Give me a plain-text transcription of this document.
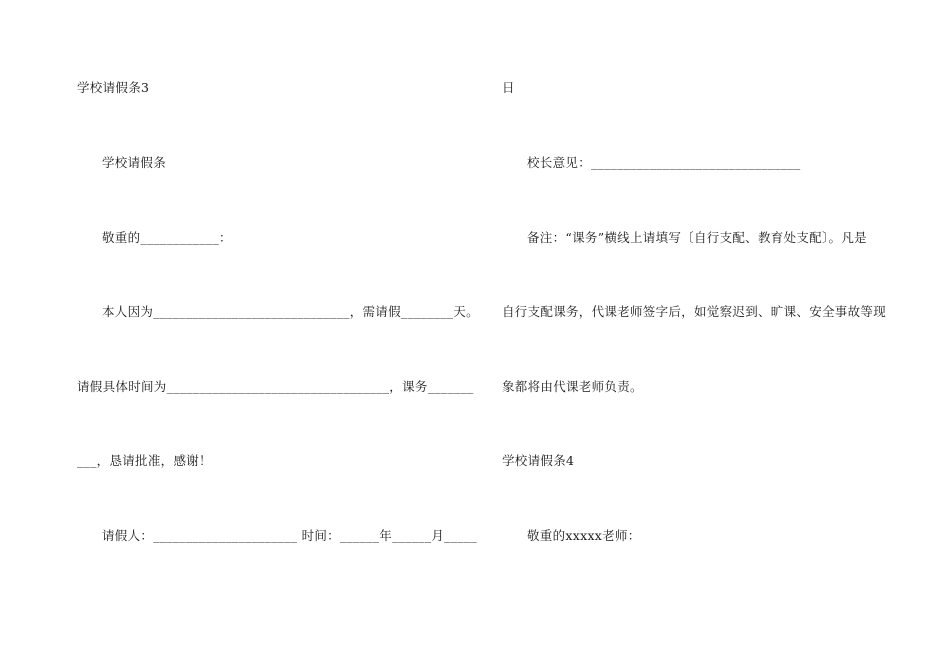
学校请假条3
学校请假条
敬重的____________：
本人因为______________________________，需请假________天。
请假具体时间为__________________________________，课务_______
___，恳请批准，感谢！
请假人：______________________ 时间：______年______月_____
日
校长意见：________________________________
备注：“课务”横线上请填写〔自行支配、教育处支配〕。凡是
自行支配课务，代课老师签字后，如觉察迟到、旷课、安全事故等现
象都将由代课老师负责。
学校请假条4
敬重的xxxxx老师：
